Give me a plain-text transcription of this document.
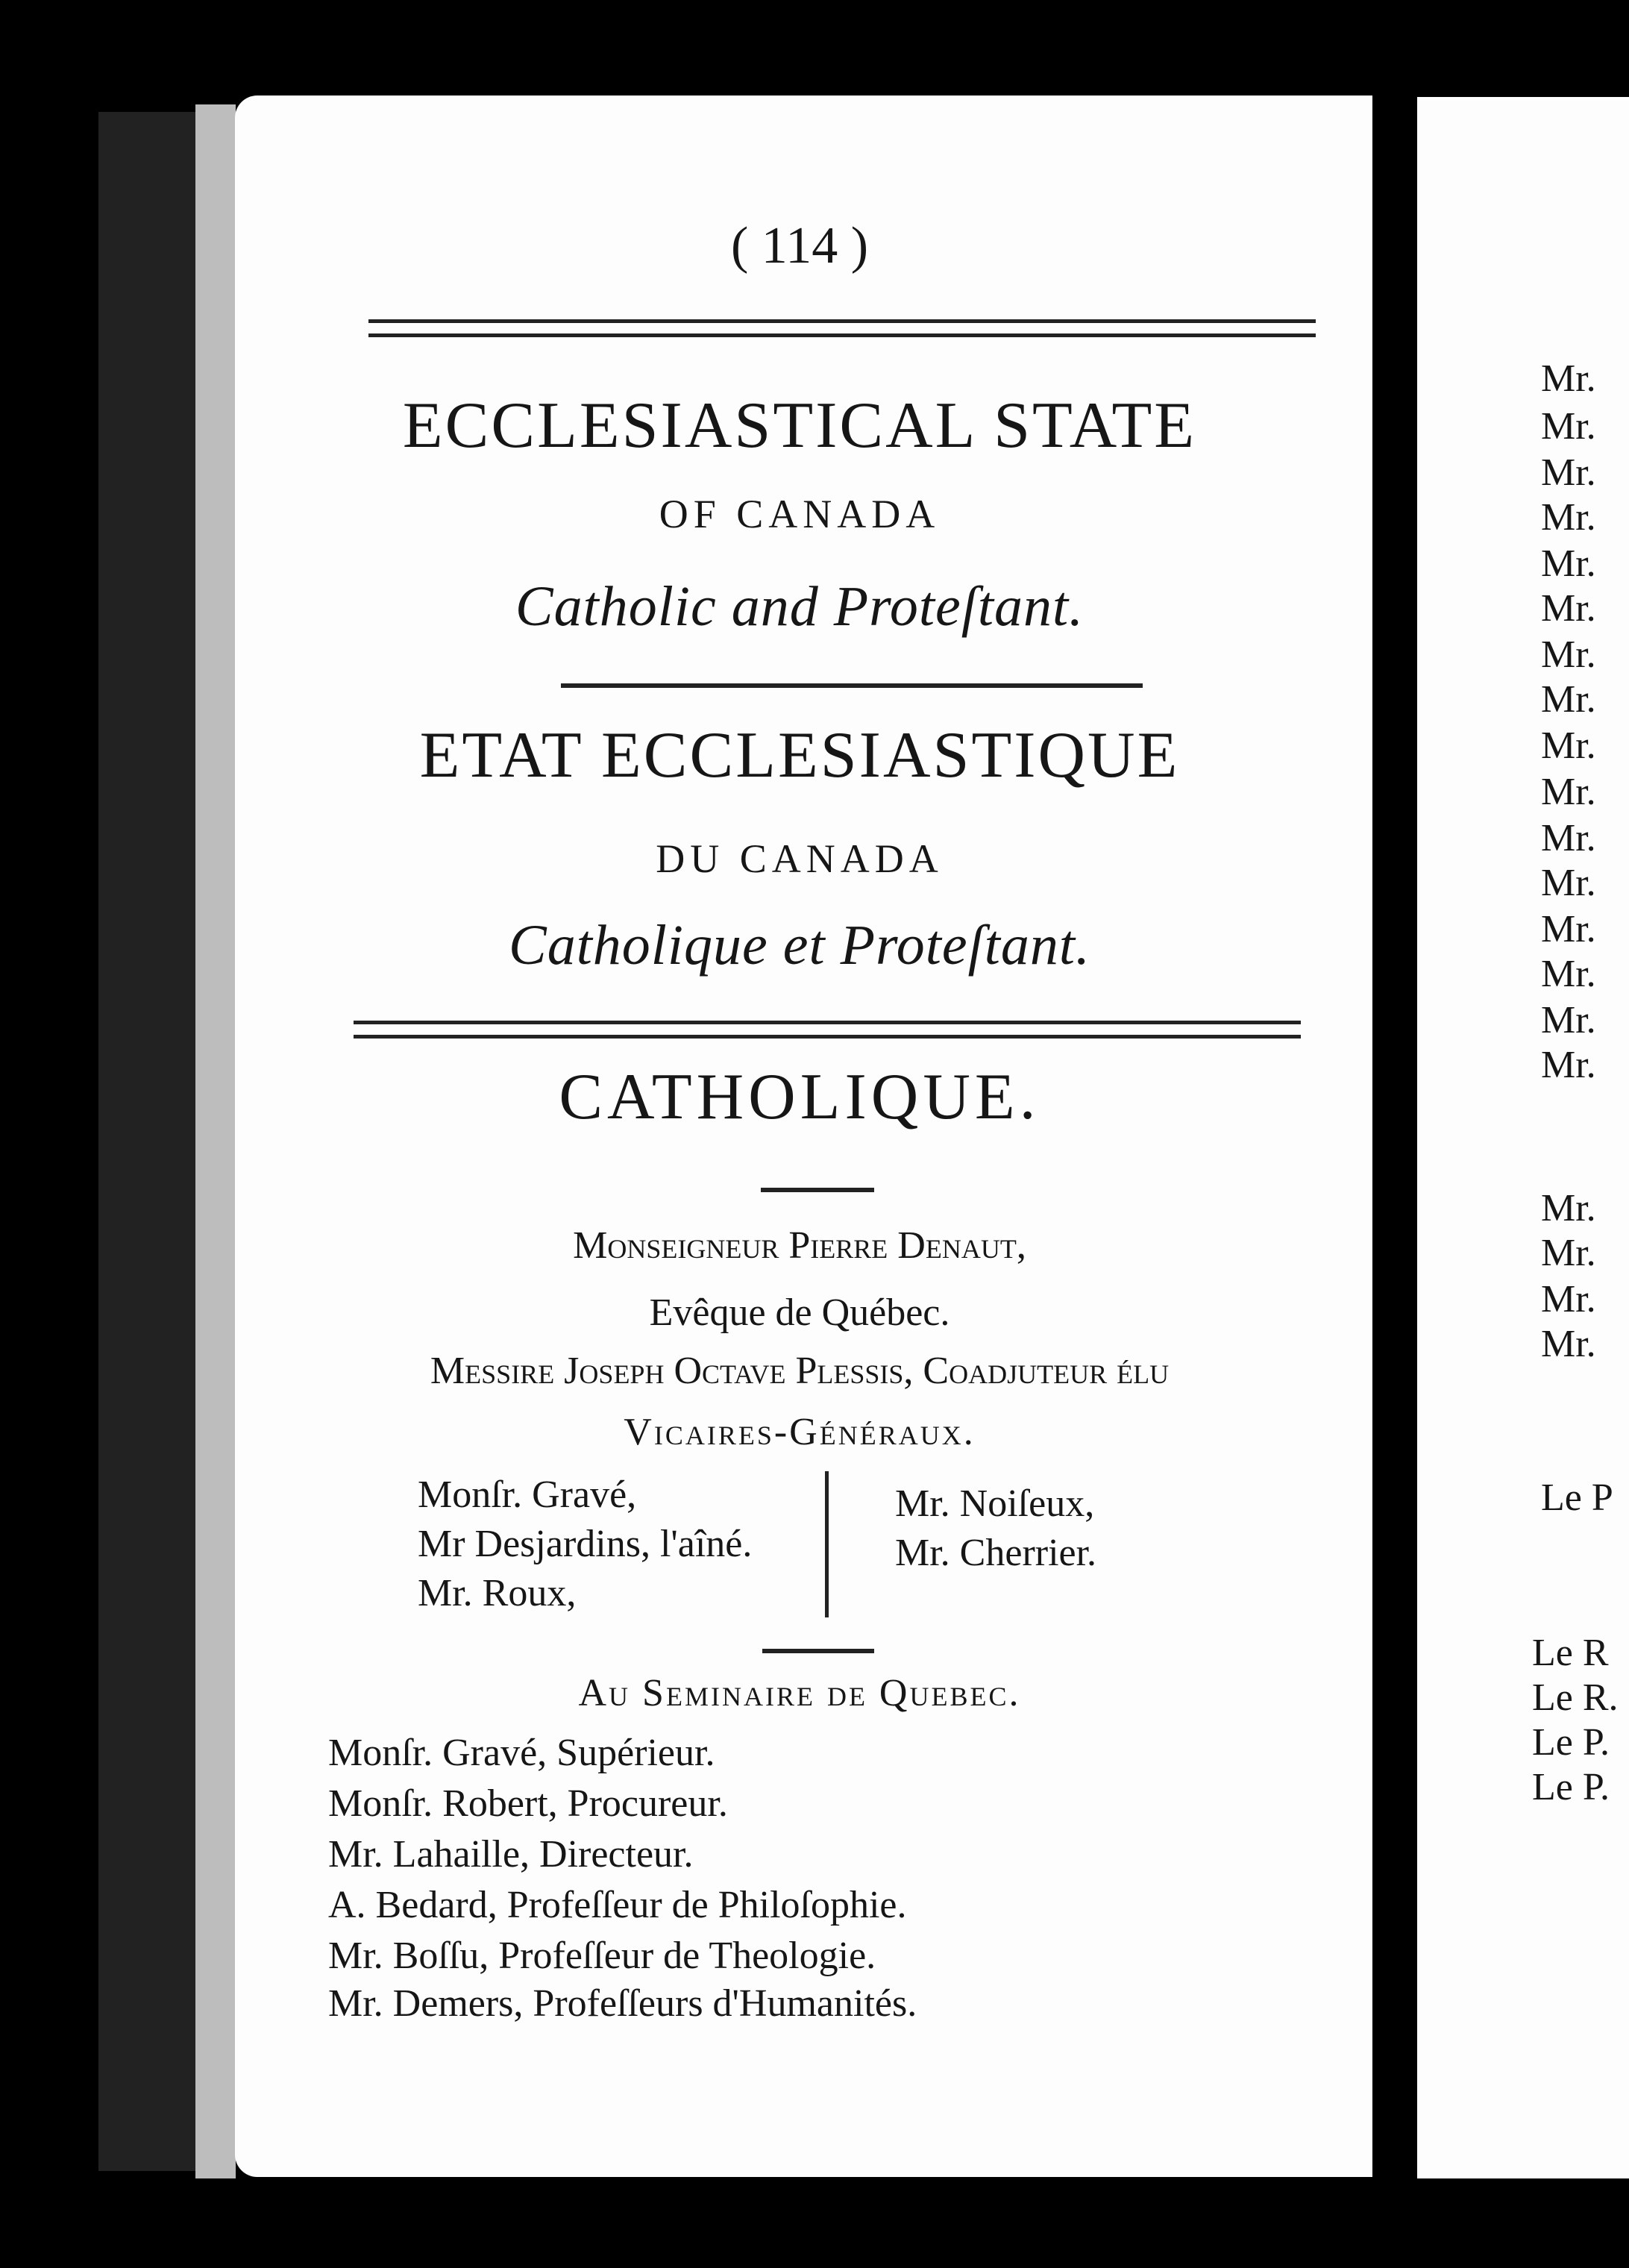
( 114 )
ECCLESIASTICAL STATE
OF CANADA
Catholic and Proteſtant.
ETAT ECCLESIASTIQUE
DU CANADA
Catholique et Proteſtant.
CATHOLIQUE.
Monſeigneur Pierre Denaut,
Evêque de Québec.
Meſſire Joseph Octave Plessis, Coadjuteur élu
Vicaires-Généraux.
Monſr. Gravé,
Mr Desjardins, l'aîné.
Mr. Roux,
Mr. Noiſeux,
Mr. Cherrier.
Au Seminaire de Quebec.
Monſr. Gravé, Supérieur.
Monſr. Robert, Procureur.
Mr. Lahaille, Directeur.
A. Bedard, Profeſſeur de Philoſophie.
Mr. Boſſu, Profeſſeur de Theologie.
Mr. Demers, Profeſſeurs d'Humanités.
Mr.
Mr.
Mr.
Mr.
Mr.
Mr.
Mr.
Mr.
Mr.
Mr.
Mr.
Mr.
Mr.
Mr.
Mr.
Mr.
Mr.
Mr.
Mr.
Mr.
Le P
Le R
Le R.
Le P.
Le P.
